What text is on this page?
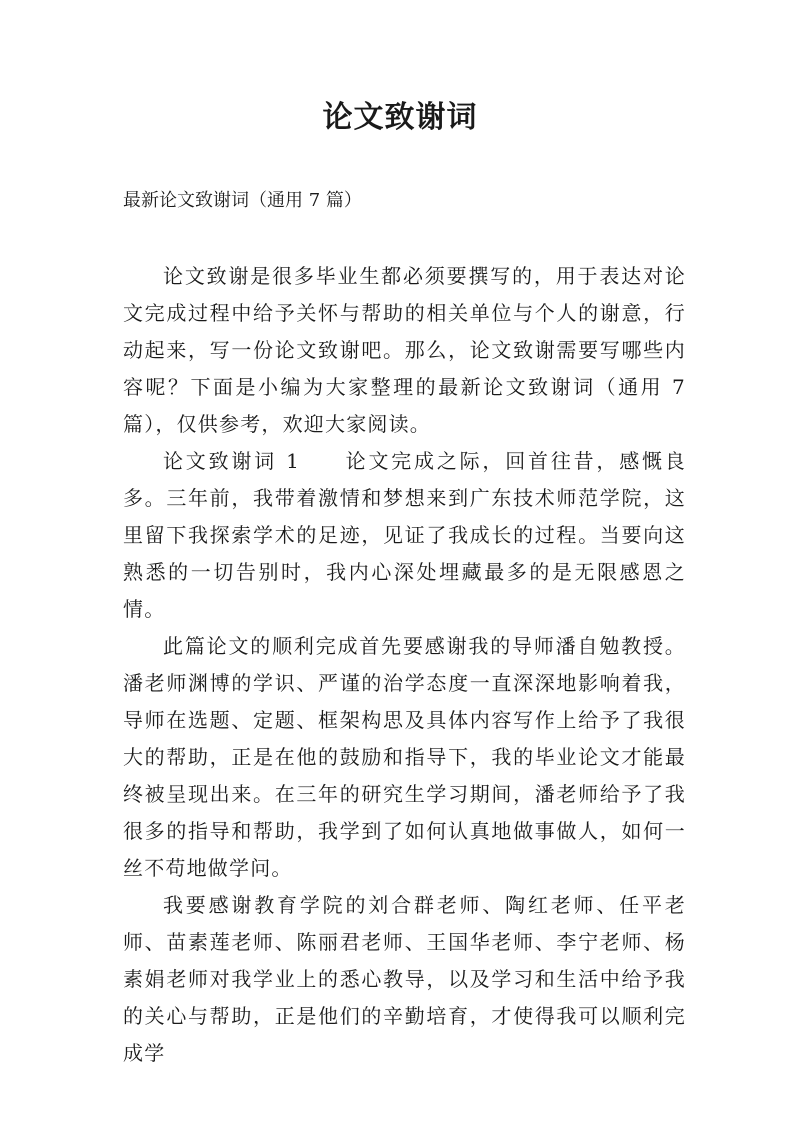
论文致谢词
最新论文致谢词（通用 7 篇）

论文致谢是很多毕业生都必须要撰写的，用于表达对论文完成过程中给予关怀与帮助的相关单位与个人的谢意，行动起来，写一份论文致谢吧。那么，论文致谢需要写哪些内容呢？下面是小编为大家整理的最新论文致谢词（通用 7 篇），仅供参考，欢迎大家阅读。

论文致谢词 1 论文完成之际，回首往昔，感慨良多。三年前，我带着激情和梦想来到广东技术师范学院，这里留下我探索学术的足迹，见证了我成长的过程。当要向这熟悉的一切告别时，我内心深处埋藏最多的是无限感恩之情。

此篇论文的顺利完成首先要感谢我的导师潘自勉教授。潘老师渊博的学识、严谨的治学态度一直深深地影响着我，导师在选题、定题、框架构思及具体内容写作上给予了我很大的帮助，正是在他的鼓励和指导下，我的毕业论文才能最终被呈现出来。在三年的研究生学习期间，潘老师给予了我很多的指导和帮助，我学到了如何认真地做事做人，如何一丝不苟地做学问。

我要感谢教育学院的刘合群老师、陶红老师、任平老师、苗素莲老师、陈丽君老师、王国华老师、李宁老师、杨素娟老师对我学业上的悉心教导，以及学习和生活中给予我的关心与帮助，正是他们的辛勤培育，才使得我可以顺利完成学
